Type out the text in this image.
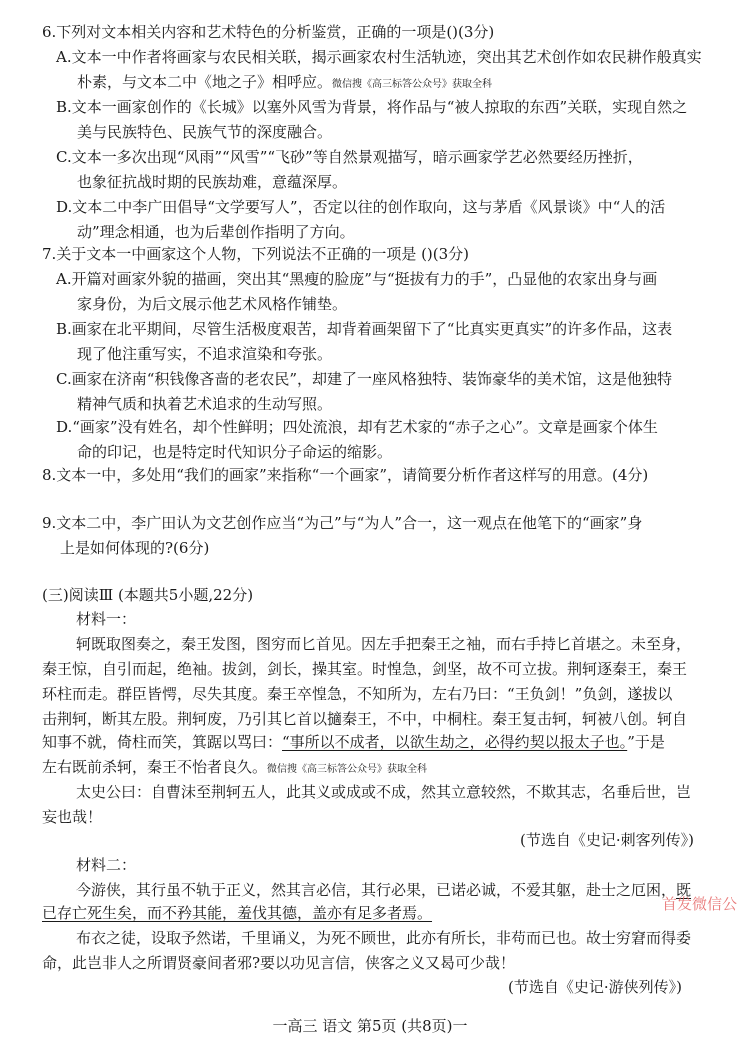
6.下列对文本相关内容和艺术特色的分析鉴赏，正确的一项是()(3分)
A.文本一中作者将画家与农民相关联，揭示画家农村生活轨迹，突出其艺术创作如农民耕作般真实
朴素，与文本二中《地之子》相呼应。微信搜《高三标答公众号》获取全科
B.文本一画家创作的《长城》以塞外风雪为背景，将作品与“被人掠取的东西”关联，实现自然之
美与民族特色、民族气节的深度融合。
C.文本一多次出现“风雨”“风雪”“飞砂”等自然景观描写，暗示画家学艺必然要经历挫折，
也象征抗战时期的民族劫难，意蕴深厚。
D.文本二中李广田倡导“文学要写人”，否定以往的创作取向，这与茅盾《风景谈》中“人的活
动”理念相通，也为后辈创作指明了方向。
7.关于文本一中画家这个人物，下列说法不正确的一项是 ()(3分)
A.开篇对画家外貌的描画，突出其“黑瘦的脸庞”与“挺拔有力的手”，凸显他的农家出身与画
家身份，为后文展示他艺术风格作铺垫。
B.画家在北平期间，尽管生活极度艰苦，却背着画架留下了“比真实更真实”的许多作品，这表
现了他注重写实，不追求渲染和夸张。
C.画家在济南“积钱像吝啬的老农民”，却建了一座风格独特、装饰豪华的美术馆，这是他独特
精神气质和执着艺术追求的生动写照。
D.“画家”没有姓名，却个性鲜明；四处流浪，却有艺术家的“赤子之心”。文章是画家个体生
命的印记，也是特定时代知识分子命运的缩影。
8.文本一中，多处用“我们的画家”来指称“一个画家”，请简要分析作者这样写的用意。(4分)
9.文本二中，李广田认为文艺创作应当“为己”与“为人”合一，这一观点在他笔下的“画家”身
上是如何体现的?(6分)
(三)阅读Ⅲ (本题共5小题,22分)
材料一：
轲既取图奏之，秦王发图，图穷而匕首见。因左手把秦王之袖，而右手持匕首堪之。未至身，
秦王惊，自引而起，绝袖。拔剑，剑长，操其室。时惶急，剑坚，故不可立拔。荆轲逐秦王，秦王
环柱而走。群臣皆愕，尽失其度。秦王卒惶急，不知所为，左右乃曰：“王负剑！”负剑，遂拔以
击荆轲，断其左股。荆轲废，乃引其匕首以擿秦王，不中，中桐柱。秦王复击轲，轲被八创。轲自
知事不就，倚柱而笑，箕踞以骂曰：“事所以不成者，以欲生劫之，必得约契以报太子也。”于是
左右既前杀轲，秦王不怡者良久。微信搜《高三标答公众号》获取全科
太史公曰：自曹沫至荆轲五人，此其义或成或不成，然其立意较然，不欺其志，名垂后世，岂
妄也哉！
(节选自《史记·刺客列传》)
材料二：
今游侠，其行虽不轨于正义，然其言必信，其行必果，已诺必诚，不爱其躯，赴士之厄困，既
已存亡死生矣，而不矜其能，羞伐其德，盖亦有足多者焉。
布衣之徒，设取予然诺，千里诵义，为死不顾世，此亦有所长，非苟而已也。故士穷窘而得委
命，此岂非人之所谓贤豪间者邪?要以功见言信，侠客之义又曷可少哉！
(节选自《史记·游侠列传》)
首发微信公
一高三 语文 第5页 (共8页)一
